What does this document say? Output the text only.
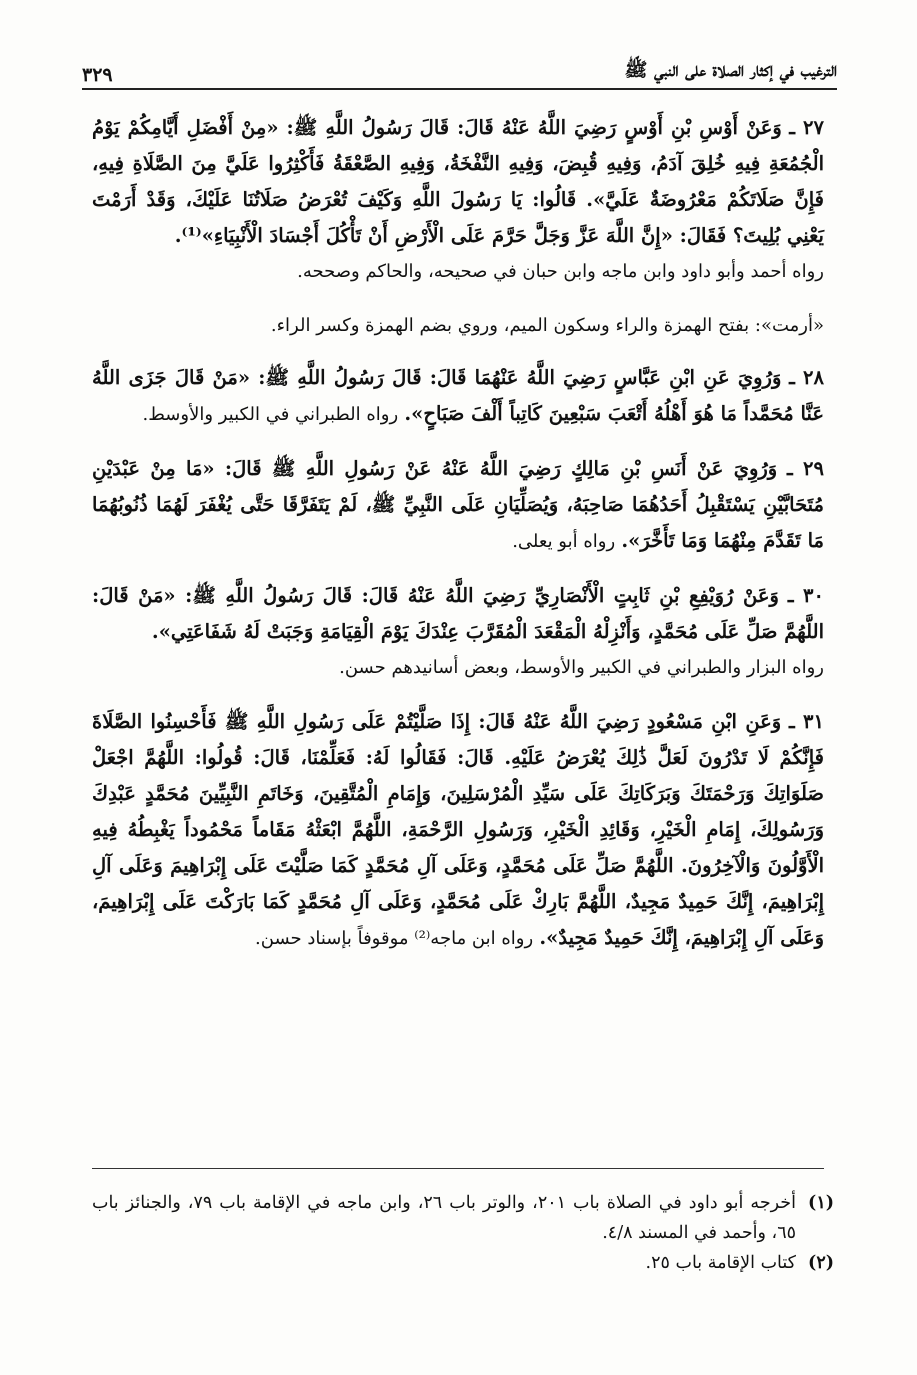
الترغيب في إكثار الصلاة على النبي ﷺ
٣٢٩

٢٧ ـ وَعَنْ أَوْسِ بْنِ أَوْسٍ رَضِيَ اللَّهُ عَنْهُ قَالَ: قَالَ رَسُولُ اللَّهِ ﷺ: «مِنْ أَفْضَلِ أَيَّامِكُمْ يَوْمُ الْجُمُعَةِ فِيهِ خُلِقَ آدَمُ، وَفِيهِ قُبِضَ، وَفِيهِ النَّفْخَةُ، وَفِيهِ الصَّعْقَةُ فَأَكْثِرُوا عَلَيَّ مِنَ الصَّلَاةِ فِيهِ، فَإِنَّ صَلَاتَكُمْ مَعْرُوضَةٌ عَلَيَّ». قَالُوا: يَا رَسُولَ اللَّهِ وَكَيْفَ تُعْرَضُ صَلَاتُنَا عَلَيْكَ، وَقَدْ أَرَمْتَ يَعْنِي بُلِيتَ؟ فَقَالَ: «إِنَّ اللَّهَ عَزَّ وَجَلَّ حَرَّمَ عَلَى الْأَرْضِ أَنْ تَأْكُلَ أَجْسَادَ الْأَنْبِيَاءِ»⁽¹⁾.
رواه أحمد وأبو داود وابن ماجه وابن حبان في صحيحه، والحاكم وصححه.

«أرمت»: بفتح الهمزة والراء وسكون الميم، وروي بضم الهمزة وكسر الراء.

٢٨ ـ وَرُوِيَ عَنِ ابْنِ عَبَّاسٍ رَضِيَ اللَّهُ عَنْهُمَا قَالَ: قَالَ رَسُولُ اللَّهِ ﷺ: «مَنْ قَالَ جَزَى اللَّهُ عَنَّا مُحَمَّداً مَا هُوَ أَهْلُهُ أَتْعَبَ سَبْعِينَ كَاتِباً أَلْفَ صَبَاحٍ». رواه الطبراني في الكبير والأوسط.

٢٩ ـ وَرُوِيَ عَنْ أَنَسِ بْنِ مَالِكٍ رَضِيَ اللَّهُ عَنْهُ عَنْ رَسُولِ اللَّهِ ﷺ قَالَ: «مَا مِنْ عَبْدَيْنِ مُتَحَابَّيْنِ يَسْتَقْبِلُ أَحَدُهُمَا صَاحِبَهُ، وَيُصَلِّيَانِ عَلَى النَّبِيِّ ﷺ، لَمْ يَتَفَرَّقَا حَتَّى يُغْفَرَ لَهُمَا ذُنُوبُهُمَا مَا تَقَدَّمَ مِنْهُمَا وَمَا تَأَخَّرَ». رواه أبو يعلى.

٣٠ ـ وَعَنْ رُوَيْفِعِ بْنِ ثَابِتٍ الْأَنْصَارِيِّ رَضِيَ اللَّهُ عَنْهُ قَالَ: قَالَ رَسُولُ اللَّهِ ﷺ: «مَنْ قَالَ: اللَّهُمَّ صَلِّ عَلَى مُحَمَّدٍ، وَأَنْزِلْهُ الْمَقْعَدَ الْمُقَرَّبَ عِنْدَكَ يَوْمَ الْقِيَامَةِ وَجَبَتْ لَهُ شَفَاعَتِي».
رواه البزار والطبراني في الكبير والأوسط، وبعض أسانيدهم حسن.

٣١ ـ وَعَنِ ابْنِ مَسْعُودٍ رَضِيَ اللَّهُ عَنْهُ قَالَ: إِذَا صَلَّيْتُمْ عَلَى رَسُولِ اللَّهِ ﷺ فَأَحْسِنُوا الصَّلَاةَ فَإِنَّكُمْ لَا تَدْرُونَ لَعَلَّ ذَٰلِكَ يُعْرَضُ عَلَيْهِ. قَالَ: فَقَالُوا لَهُ: فَعَلِّمْنَا، قَالَ: قُولُوا: اللَّهُمَّ اجْعَلْ صَلَوَاتِكَ وَرَحْمَتَكَ وَبَرَكَاتِكَ عَلَى سَيِّدِ الْمُرْسَلِينَ، وَإِمَامِ الْمُتَّقِينَ، وَخَاتَمِ النَّبِيِّينَ مُحَمَّدٍ عَبْدِكَ وَرَسُولِكَ، إِمَامِ الْخَيْرِ، وَقَائِدِ الْخَيْرِ، وَرَسُولِ الرَّحْمَةِ، اللَّهُمَّ ابْعَثْهُ مَقَاماً مَحْمُوداً يَغْبِطُهُ فِيهِ الْأَوَّلُونَ وَالْآخِرُونَ. اللَّهُمَّ صَلِّ عَلَى مُحَمَّدٍ، وَعَلَى آلِ مُحَمَّدٍ كَمَا صَلَّيْتَ عَلَى إِبْرَاهِيمَ وَعَلَى آلِ إِبْرَاهِيمَ، إِنَّكَ حَمِيدٌ مَجِيدٌ، اللَّهُمَّ بَارِكْ عَلَى مُحَمَّدٍ، وَعَلَى آلِ مُحَمَّدٍ كَمَا بَارَكْتَ عَلَى إِبْرَاهِيمَ، وَعَلَى آلِ إِبْرَاهِيمَ، إِنَّكَ حَمِيدٌ مَجِيدٌ». رواه ابن ماجه⁽²⁾ موقوفاً بإسناد حسن.

(١)
أخرجه أبو داود في الصلاة باب ٢٠١، والوتر باب ٢٦، وابن ماجه في الإقامة باب ٧٩، والجنائز باب ٦٥، وأحمد في المسند ٤/٨.
(٢)
كتاب الإقامة باب ٢٥.
